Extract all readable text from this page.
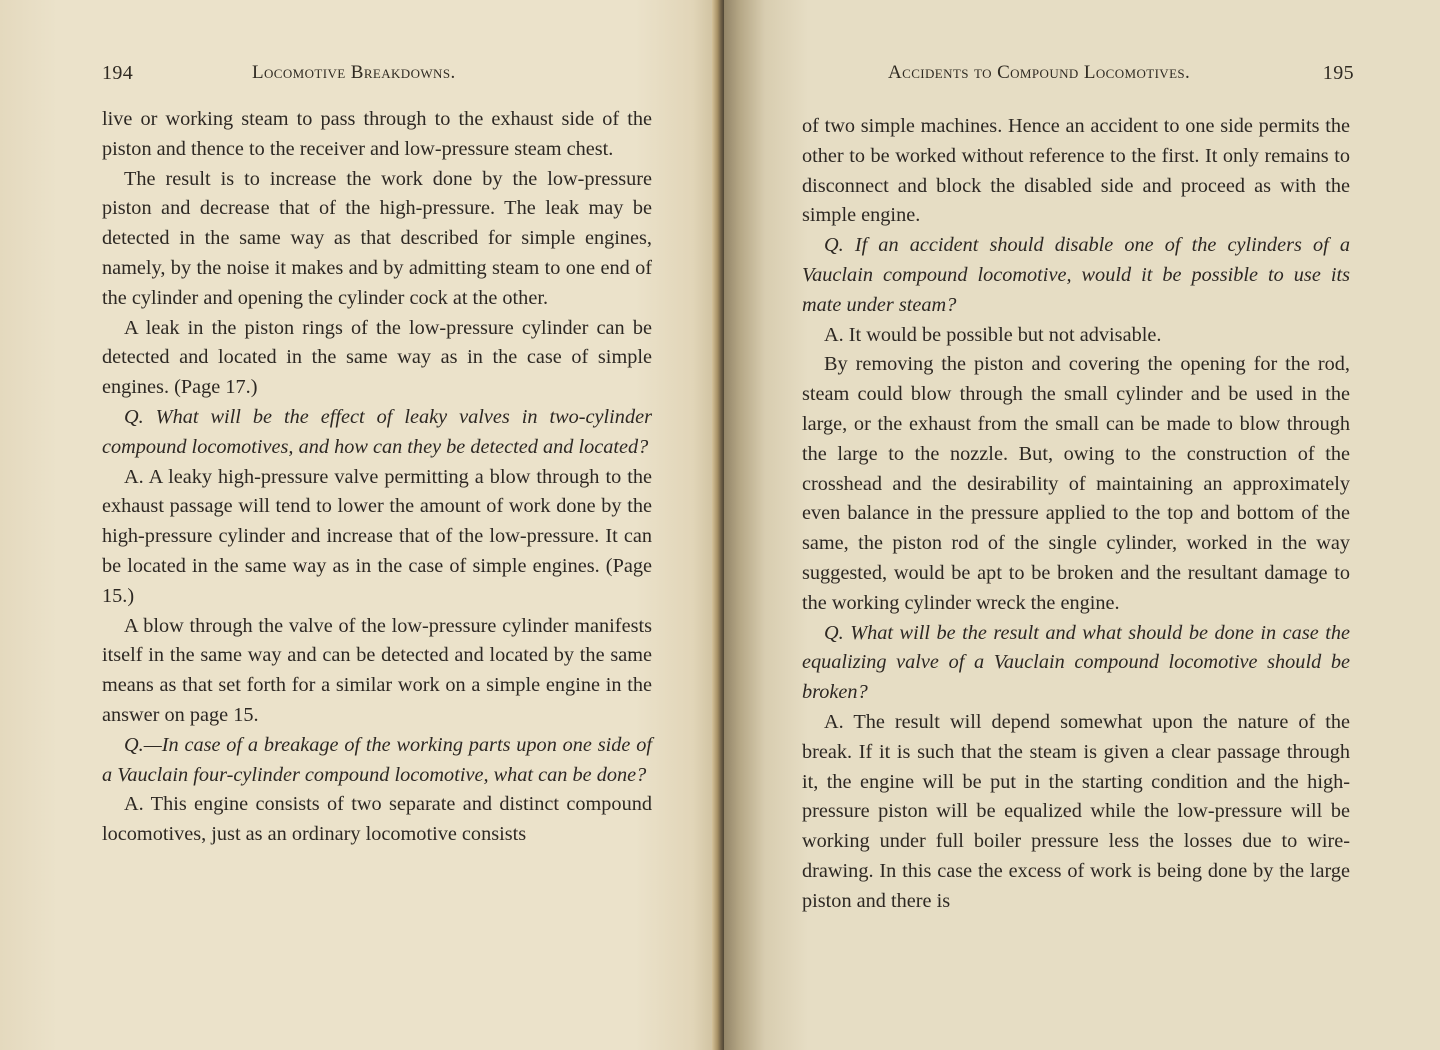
194	Locomotive Breakdowns.

live or working steam to pass through to the exhaust side of the piston and thence to the receiver and low-pressure steam chest.

The result is to increase the work done by the low-pressure piston and decrease that of the high-pressure. The leak may be detected in the same way as that described for simple engines, namely, by the noise it makes and by admitting steam to one end of the cylinder and opening the cylinder cock at the other.

A leak in the piston rings of the low-pressure cylinder can be detected and located in the same way as in the case of simple engines. (Page 17.)

Q. What will be the effect of leaky valves in two-cylinder compound locomotives, and how can they be detected and located?

A. A leaky high-pressure valve permitting a blow through to the exhaust passage will tend to lower the amount of work done by the high-pressure cylinder and increase that of the low-pressure. It can be located in the same way as in the case of simple engines. (Page 15.)

A blow through the valve of the low-pressure cylinder manifests itself in the same way and can be detected and located by the same means as that set forth for a similar work on a simple engine in the answer on page 15.

Q.—In case of a breakage of the working parts upon one side of a Vauclain four-cylinder compound locomotive, what can be done?

A. This engine consists of two separate and distinct compound locomotives, just as an ordinary locomotive consists

Accidents to Compound Locomotives.	195

of two simple machines. Hence an accident to one side permits the other to be worked without reference to the first. It only remains to disconnect and block the disabled side and proceed as with the simple engine.

Q. If an accident should disable one of the cylinders of a Vauclain compound locomotive, would it be possible to use its mate under steam?

A. It would be possible but not advisable.

By removing the piston and covering the opening for the rod, steam could blow through the small cylinder and be used in the large, or the exhaust from the small can be made to blow through the large to the nozzle. But, owing to the construction of the crosshead and the desirability of maintaining an approximately even balance in the pressure applied to the top and bottom of the same, the piston rod of the single cylinder, worked in the way suggested, would be apt to be broken and the resultant damage to the working cylinder wreck the engine.

Q. What will be the result and what should be done in case the equalizing valve of a Vauclain compound locomotive should be broken?

A. The result will depend somewhat upon the nature of the break. If it is such that the steam is given a clear passage through it, the engine will be put in the starting condition and the high-pressure piston will be equalized while the low-pressure will be working under full boiler pressure less the losses due to wire-drawing. In this case the excess of work is being done by the large piston and there is
